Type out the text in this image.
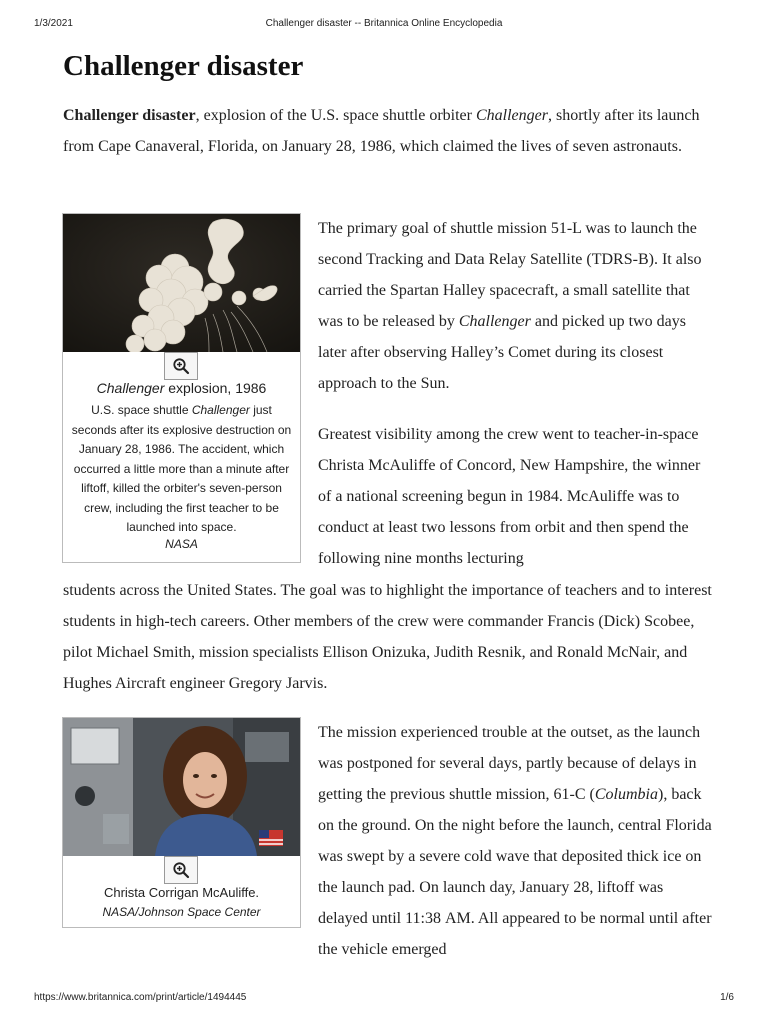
1/3/2021	Challenger disaster -- Britannica Online Encyclopedia
Challenger disaster

Challenger disaster, explosion of the U.S. space shuttle orbiter Challenger, shortly after its launch from Cape Canaveral, Florida, on January 28, 1986, which claimed the lives of seven astronauts.

Challenger explosion, 1986
U.S. space shuttle Challenger just seconds after its explosive destruction on January 28, 1986. The accident, which occurred a little more than a minute after liftoff, killed the orbiter's seven-person crew, including the first teacher to be launched into space.
NASA

The primary goal of shuttle mission 51-L was to launch the second Tracking and Data Relay Satellite (TDRS-B). It also carried the Spartan Halley spacecraft, a small satellite that was to be released by Challenger and picked up two days later after observing Halley’s Comet during its closest approach to the Sun.

Greatest visibility among the crew went to teacher-in-space Christa McAuliffe of Concord, New Hampshire, the winner of a national screening begun in 1984. McAuliffe was to conduct at least two lessons from orbit and then spend the following nine months lecturing

students across the United States. The goal was to highlight the importance of teachers and to interest students in high-tech careers. Other members of the crew were commander Francis (Dick) Scobee, pilot Michael Smith, mission specialists Ellison Onizuka, Judith Resnik, and Ronald McNair, and Hughes Aircraft engineer Gregory Jarvis.

Christa Corrigan McAuliffe.
NASA/Johnson Space Center

The mission experienced trouble at the outset, as the launch was postponed for several days, partly because of delays in getting the previous shuttle mission, 61-C (Columbia), back on the ground. On the night before the launch, central Florida was swept by a severe cold wave that deposited thick ice on the launch pad. On launch day, January 28, liftoff was delayed until 11:38 AM. All appeared to be normal until after the vehicle emerged

https://www.britannica.com/print/article/1494445	1/6
